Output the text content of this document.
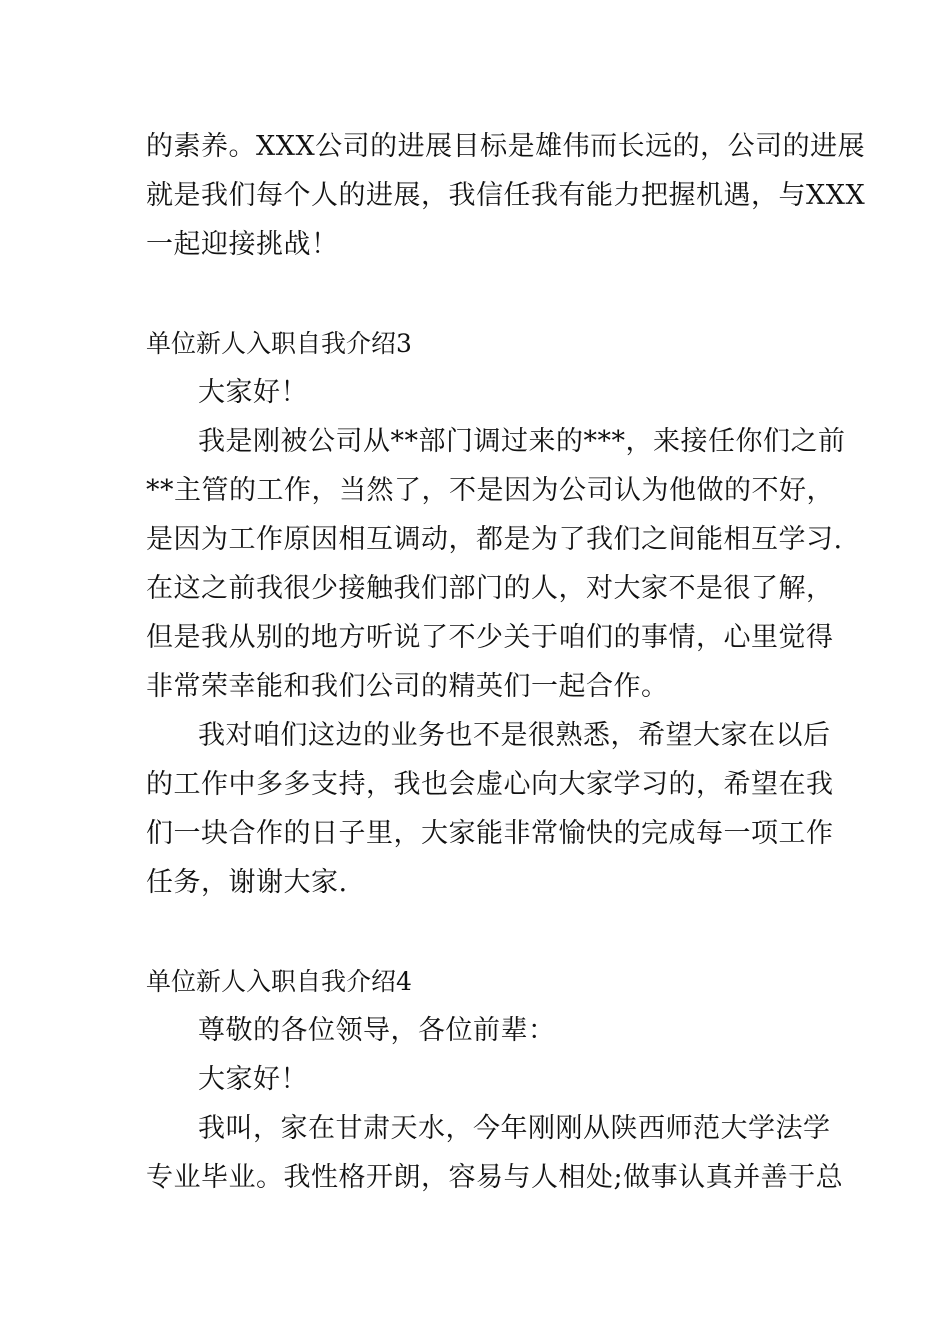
的素养。XXX公司的进展目标是雄伟而长远的，公司的进展
就是我们每个人的进展，我信任我有能力把握机遇，与XXX
一起迎接挑战！
单位新人入职自我介绍3
大家好！
我是刚被公司从**部门调过来的***，来接任你们之前
**主管的工作，当然了，不是因为公司认为他做的不好，
是因为工作原因相互调动，都是为了我们之间能相互学习.
在这之前我很少接触我们部门的人，对大家不是很了解，
但是我从别的地方听说了不少关于咱们的事情，心里觉得
非常荣幸能和我们公司的精英们一起合作。
我对咱们这边的业务也不是很熟悉，希望大家在以后
的工作中多多支持，我也会虚心向大家学习的，希望在我
们一块合作的日子里，大家能非常愉快的完成每一项工作
任务，谢谢大家.
单位新人入职自我介绍4
尊敬的各位领导，各位前辈：
大家好！
我叫，家在甘肃天水，今年刚刚从陕西师范大学法学
专业毕业。我性格开朗，容易与人相处;做事认真并善于总
